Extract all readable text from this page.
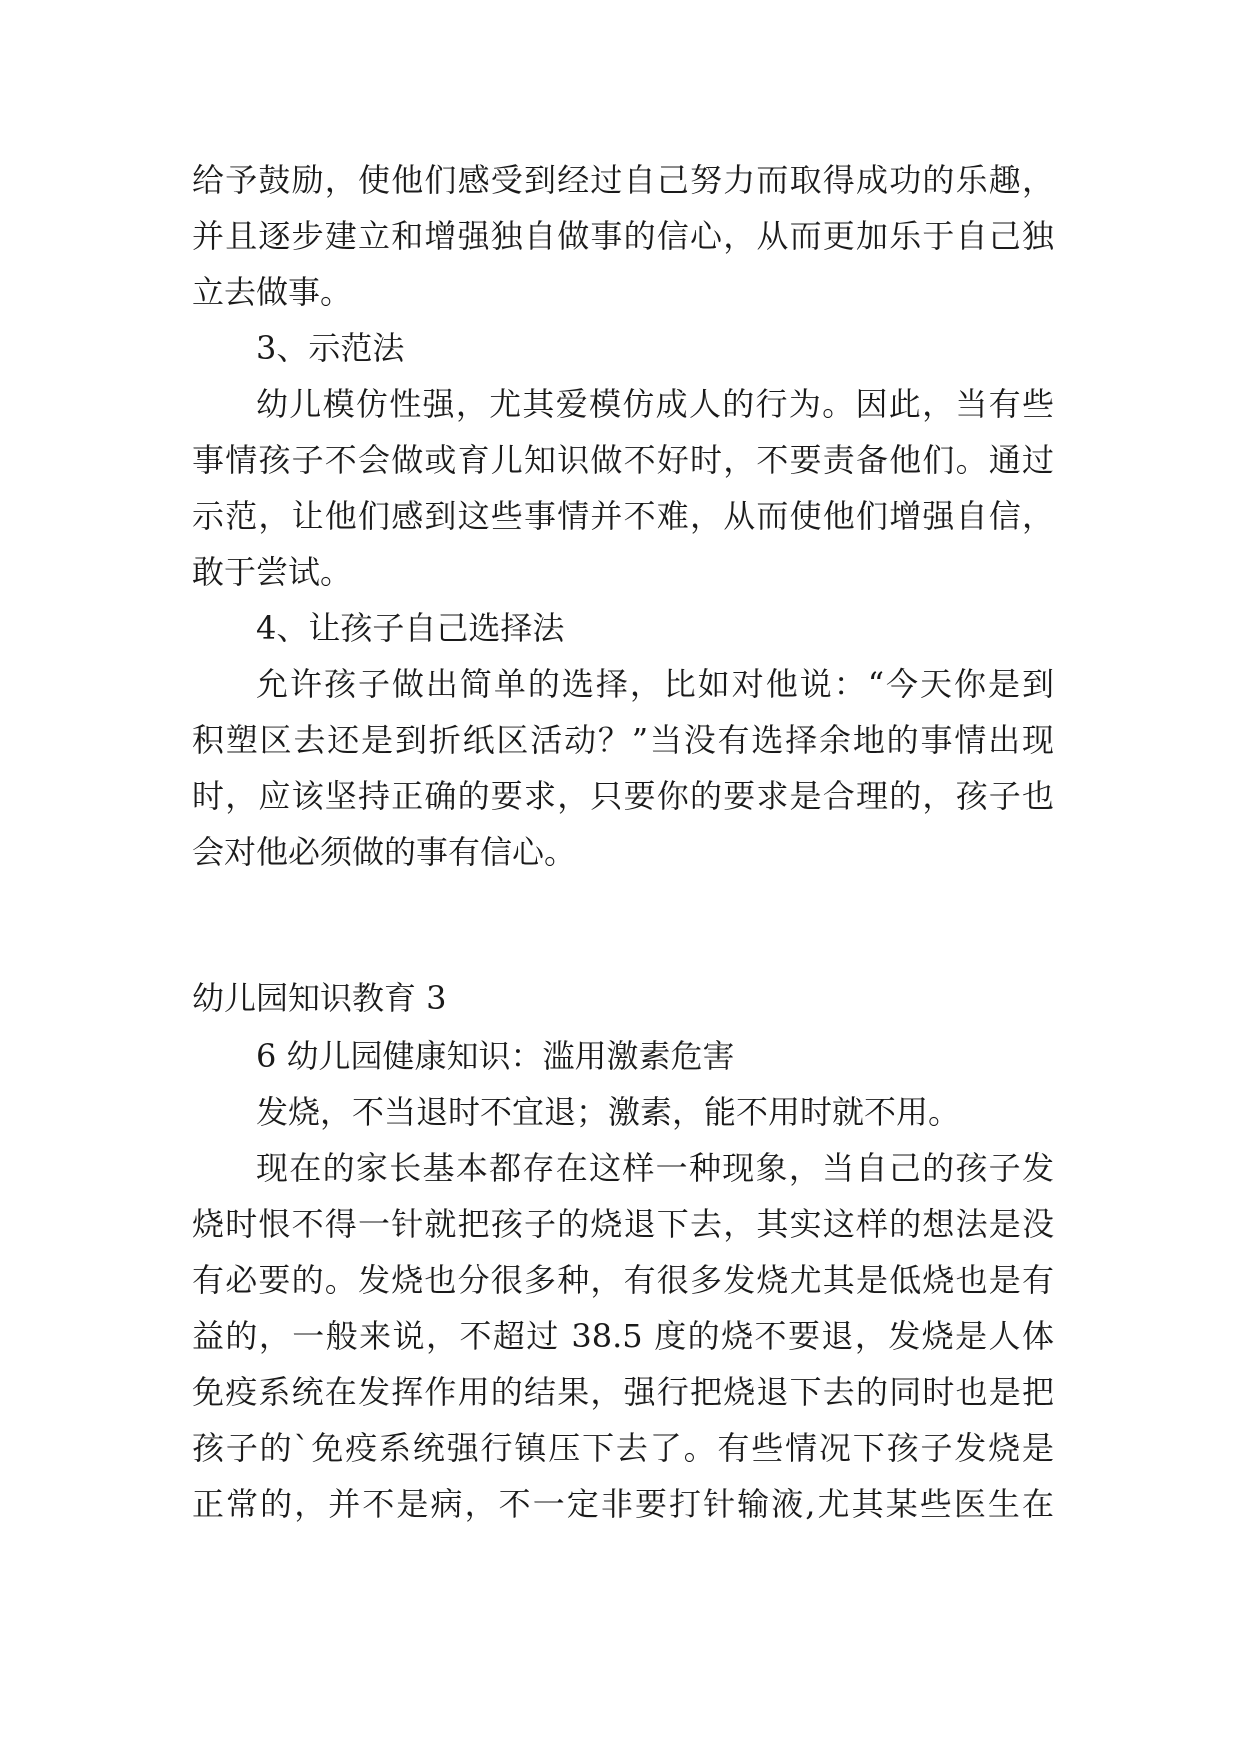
给予鼓励，使他们感受到经过自己努力而取得成功的乐趣，
并且逐步建立和增强独自做事的信心，从而更加乐于自己独
立去做事。
3、示范法
幼儿模仿性强，尤其爱模仿成人的行为。因此，当有些
事情孩子不会做或育儿知识做不好时，不要责备他们。通过
示范，让他们感到这些事情并不难，从而使他们增强自信，
敢于尝试。
4、让孩子自己选择法
允许孩子做出简单的选择，比如对他说：“今天你是到
积塑区去还是到折纸区活动？”当没有选择余地的事情出现
时，应该坚持正确的要求，只要你的要求是合理的，孩子也
会对他必须做的事有信心。
幼儿园知识教育 3
6 幼儿园健康知识：滥用激素危害
发烧，不当退时不宜退；激素，能不用时就不用。
现在的家长基本都存在这样一种现象，当自己的孩子发
烧时恨不得一针就把孩子的烧退下去，其实这样的想法是没
有必要的。发烧也分很多种，有很多发烧尤其是低烧也是有
益的，一般来说，不超过 38.5 度的烧不要退，发烧是人体
免疫系统在发挥作用的结果，强行把烧退下去的同时也是把
孩子的`免疫系统强行镇压下去了。有些情况下孩子发烧是
正常的，并不是病，不一定非要打针输液,尤其某些医生在
